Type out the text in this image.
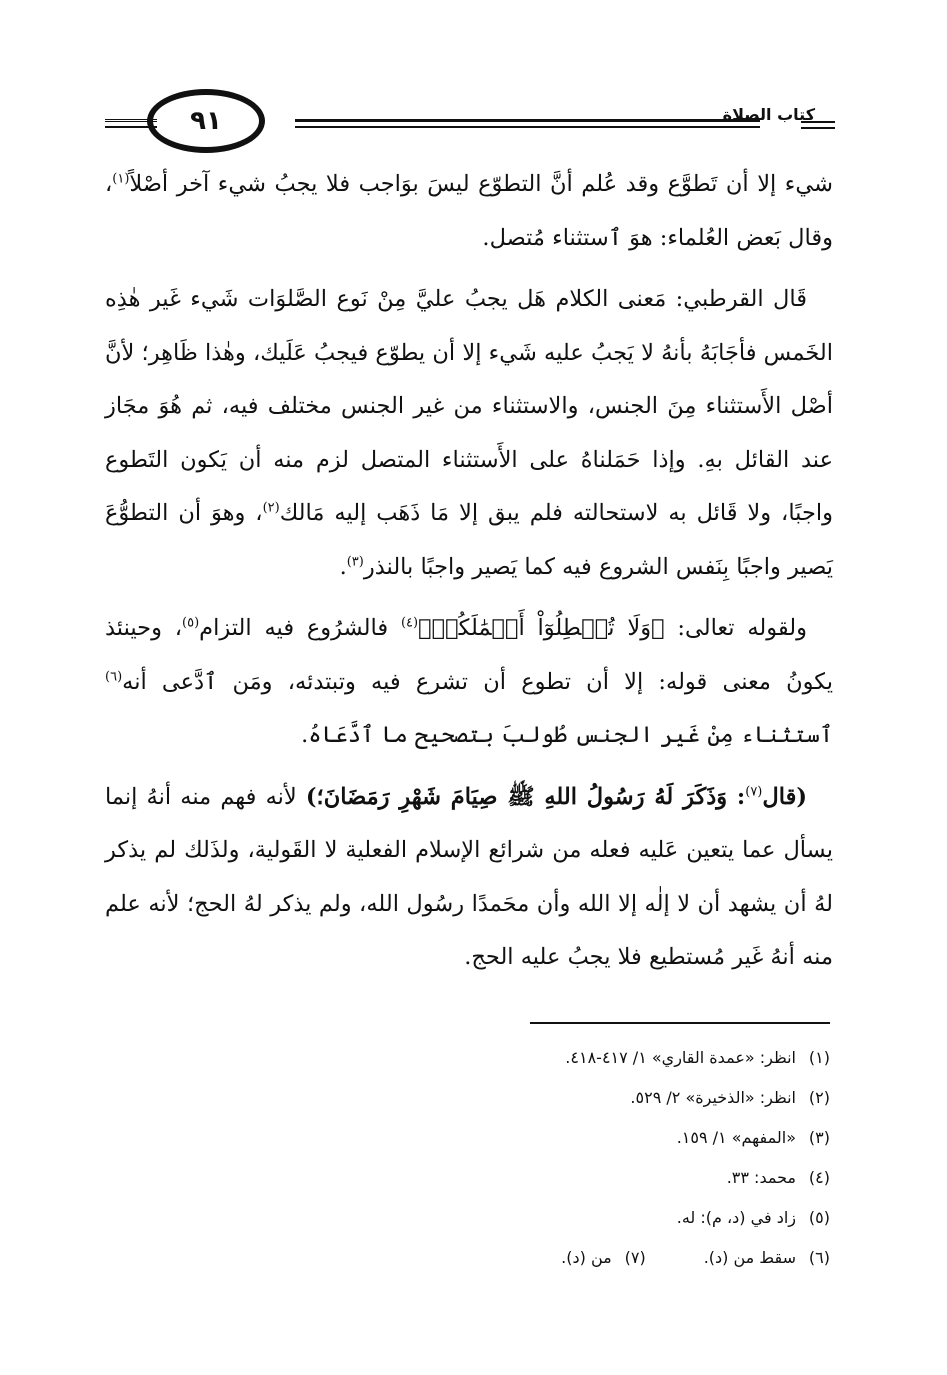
٩١	كتاب الصلاة

شيء إلا أن تَطوَّع وقد عُلم أنَّ التطوّع ليسَ بوَاجب فلا يجبُ شيء آخر أصْلاً$^{(١)}$، وقال بَعض العُلماء: هوَ ٱستثناء مُتصل.

قَال القرطبي: مَعنى الكلام هَل يجبُ عليَّ مِنْ نَوع الصَّلوَات شَيء غَير هٰذِه الخَمس فأجَابَهُ بأنهُ لا يَجبُ عليه شَيء إلا أن يطوّع فيجبُ عَلَيك، وهٰذا ظَاهِر؛ لأنَّ أصْل الأَستثناء مِنَ الجنس، والاستثناء من غير الجنس مختلف فيه، ثم هُوَ مجَاز عند القائل بهِ. وإذا حَمَلناهُ على الأَستثناء المتصل لزم منه أن يَكون التَطوع واجبًا، ولا قَائل به لاستحالته فلم يبق إلا مَا ذَهَب إليه مَالك$^{(٢)}$، وهوَ أن التطوُّعَ يَصير واجبًا بِنَفس الشروع فيه كما يَصير واجبًا بالنذر$^{(٣)}$.

ولقوله تعالى: ﴿وَلَا تُبۡطِلُوٓاْ أَعۡمَٰلَكُمۡ﴾$^{(٤)}$ فالشرُوع فيه التزام$^{(٥)}$، وحينئذ يكونُ معنى قوله: إلا أن تطوع أن تشرع فيه وتبتدئه، ومَن ٱدَّعى أنه$^{(٦)}$ ٱستثناء مِنْ غَير الجنس طُولبَ بتصحيح ما ٱدَّعَاهُ.

(قال$^{(٧)}$: وَذَكَرَ لَهُ رَسُولُ اللهِ ﷺ صِيَامَ شَهْرِ رَمَضَانَ؛) لأنه فهم منه أنهُ إنما يسأل عما يتعين عَليه فعله من شرائع الإسلام الفعلية لا القَولية، ولذَلك لم يذكر لهُ أن يشهد أن لا إلٰه إلا الله وأن محَمدًا رسُول الله، ولم يذكر لهُ الحج؛ لأنه علم منه أنهُ غَير مُستطيع فلا يجبُ عليه الحج.

(١)انظر: «عمدة القاري» ١/ ٤١٧-٤١٨.
(٢)انظر: «الذخيرة» ٢/ ٥٢٩.
(٣)«المفهم» ١/ ١٥٩.
(٤)محمد: ٣٣.
(٥)زاد في (د، م): له.
(٦)سقط من (د).(٧)من (د).
